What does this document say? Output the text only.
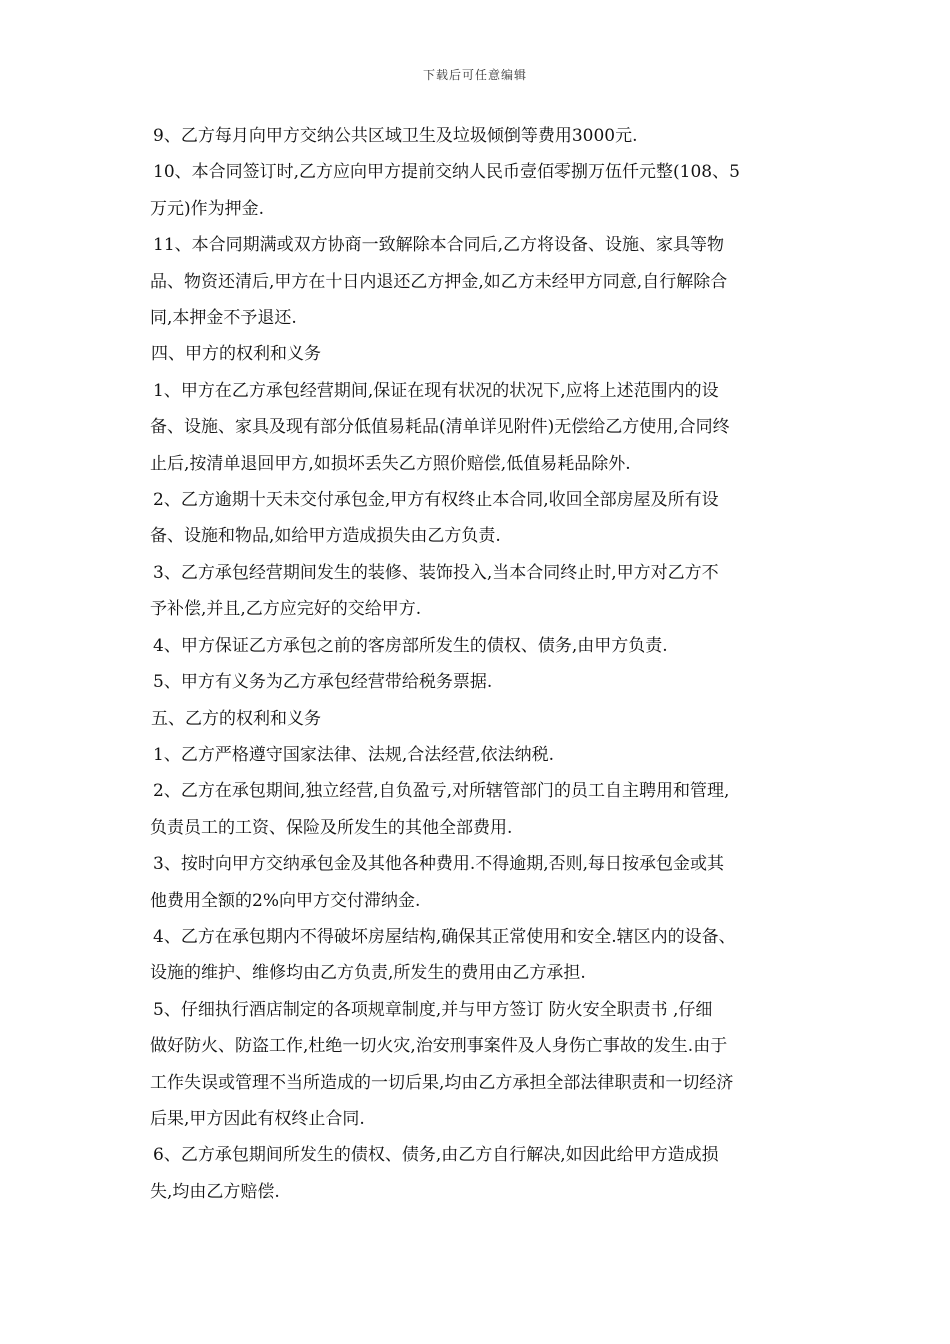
下载后可任意编辑
9、乙方每月向甲方交纳公共区域卫生及垃圾倾倒等费用3000元.
10、本合同签订时,乙方应向甲方提前交纳人民币壹佰零捌万伍仟元整(108、5
万元)作为押金.
11、本合同期满或双方协商一致解除本合同后,乙方将设备、设施、家具等物
品、物资还清后,甲方在十日内退还乙方押金,如乙方未经甲方同意,自行解除合
同,本押金不予退还.
四、甲方的权利和义务
1、甲方在乙方承包经营期间,保证在现有状况的状况下,应将上述范围内的设
备、设施、家具及现有部分低值易耗品(清单详见附件)无偿给乙方使用,合同终
止后,按清单退回甲方,如损坏丢失乙方照价赔偿,低值易耗品除外.
2、乙方逾期十天未交付承包金,甲方有权终止本合同,收回全部房屋及所有设
备、设施和物品,如给甲方造成损失由乙方负责.
3、乙方承包经营期间发生的装修、装饰投入,当本合同终止时,甲方对乙方不
予补偿,并且,乙方应完好的交给甲方.
4、甲方保证乙方承包之前的客房部所发生的债权、债务,由甲方负责.
5、甲方有义务为乙方承包经营带给税务票据.
五、乙方的权利和义务
1、乙方严格遵守国家法律、法规,合法经营,依法纳税.
2、乙方在承包期间,独立经营,自负盈亏,对所辖管部门的员工自主聘用和管理,
负责员工的工资、保险及所发生的其他全部费用.
3、按时向甲方交纳承包金及其他各种费用.不得逾期,否则,每日按承包金或其
他费用全额的2%向甲方交付滞纳金.
4、乙方在承包期内不得破坏房屋结构,确保其正常使用和安全.辖区内的设备、
设施的维护、维修均由乙方负责,所发生的费用由乙方承担.
5、仔细执行酒店制定的各项规章制度,并与甲方签订 防火安全职责书 ,仔细
做好防火、防盗工作,杜绝一切火灾,治安刑事案件及人身伤亡事故的发生.由于
工作失误或管理不当所造成的一切后果,均由乙方承担全部法律职责和一切经济
后果,甲方因此有权终止合同.
6、乙方承包期间所发生的债权、债务,由乙方自行解决,如因此给甲方造成损
失,均由乙方赔偿.
